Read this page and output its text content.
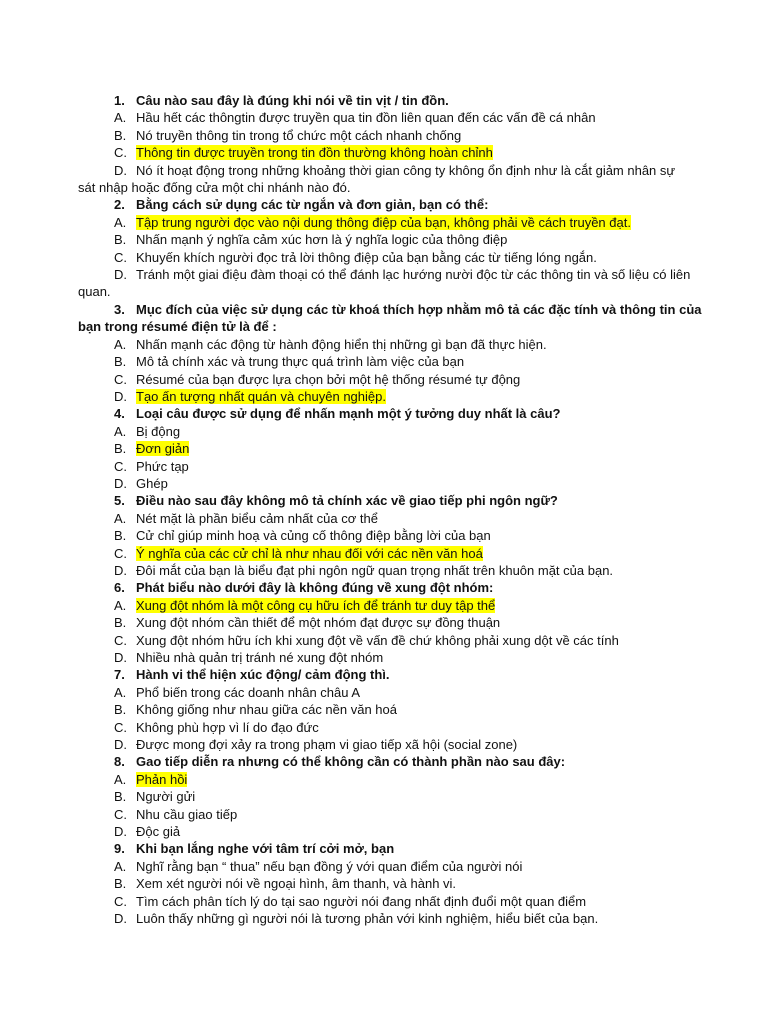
1. Câu nào sau đây là đúng khi nói về tin vịt / tin đồn.
A. Hầu hết các thôngtin được truyền qua tin đồn liên quan đến các vấn đề cá nhân
B. Nó truyền thông tin trong tổ chức một cách nhanh chống
C. Thông tin được truyền trong tin đồn thường không hoàn chỉnh
D. Nó ít hoạt động trong những khoảng thời gian công ty không ổn định như là cắt giảm nhân sự
sát nhập hoặc đống cửa một chi nhánh nào đó.
2. Bằng cách sử dụng các từ ngắn và đơn giản, bạn có thể:
A. Tập trung người đọc vào nội dung thông điệp của bạn, không phải về cách truyền đạt.
B. Nhấn mạnh ý nghĩa cảm xúc hơn là ý nghĩa logic của thông điệp
C. Khuyến khích người đọc trả lời thông điệp của bạn bằng các từ tiếng lóng ngắn.
D. Tránh một giai điệu đàm thoại có thể đánh lạc hướng nười độc từ các thông tin và số liệu có liên
quan.
3. Mục đích của việc sử dụng các từ khoá thích hợp nhằm mô tả các đặc tính và thông tin của
bạn trong résumé điện tử là để :
A. Nhấn mạnh các động từ hành động hiển thị những gì bạn đã thực hiện.
B. Mô tả chính xác và trung thực quá trình làm việc của bạn
C. Résumé của bạn được lựa chọn bởi một hệ thống résumé tự động
D. Tạo ấn tượng nhất quán và chuyên nghiệp.
4. Loại câu được sử dụng để nhấn mạnh một ý tưởng duy nhất là câu?
A. Bị động
B. Đơn giản
C. Phức tạp
D. Ghép
5. Điều nào sau đây không mô tả chính xác về giao tiếp phi ngôn ngữ?
A. Nét mặt là phần biểu cảm nhất của cơ thể
B. Cử chỉ giúp minh hoạ và củng cố thông điệp bằng lời của bạn
C. Ý nghĩa của các cử chỉ là như nhau đối với các nền văn hoá
D. Đôi mắt của bạn là biểu đạt phi ngôn ngữ quan trọng nhất trên khuôn mặt của bạn.
6. Phát biểu nào dưới đây là không đúng về xung đột nhóm:
A. Xung đột nhóm là một công cụ hữu ích để tránh tư duy tập thể
B. Xung đột nhóm cần thiết để một nhóm đạt được sự đồng thuận
C. Xung đột nhóm hữu ích khi xung đột về vấn đề chứ không phải xung dột về các tính
D. Nhiều nhà quản trị tránh né xung đột nhóm
7. Hành vi thể hiện xúc động/ cảm động thì.
A. Phổ biến trong các doanh nhân châu A
B. Không giống như nhau giữa các nền văn hoá
C. Không phù hợp vì lí do đạo đức
D. Được mong đợi xảy ra trong phạm vi giao tiếp xã hội (social zone)
8. Gao tiếp diễn ra nhưng có thể không cần có thành phần nào sau đây:
A. Phản hồi
B. Người gửi
C. Nhu cầu giao tiếp
D. Độc giả
9. Khi bạn lắng nghe với tâm trí cởi mở, bạn
A. Nghĩ rằng bạn “ thua” nếu bạn đồng ý với quan điểm của người nói
B. Xem xét người nói về ngoại hình, âm thanh, và hành vi.
C. Tìm cách phân tích lý do tại sao người nói đang nhất định đuổi một quan điểm
D. Luôn thấy những gì người nói là tương phản với kinh nghiệm, hiểu biết của bạn.
